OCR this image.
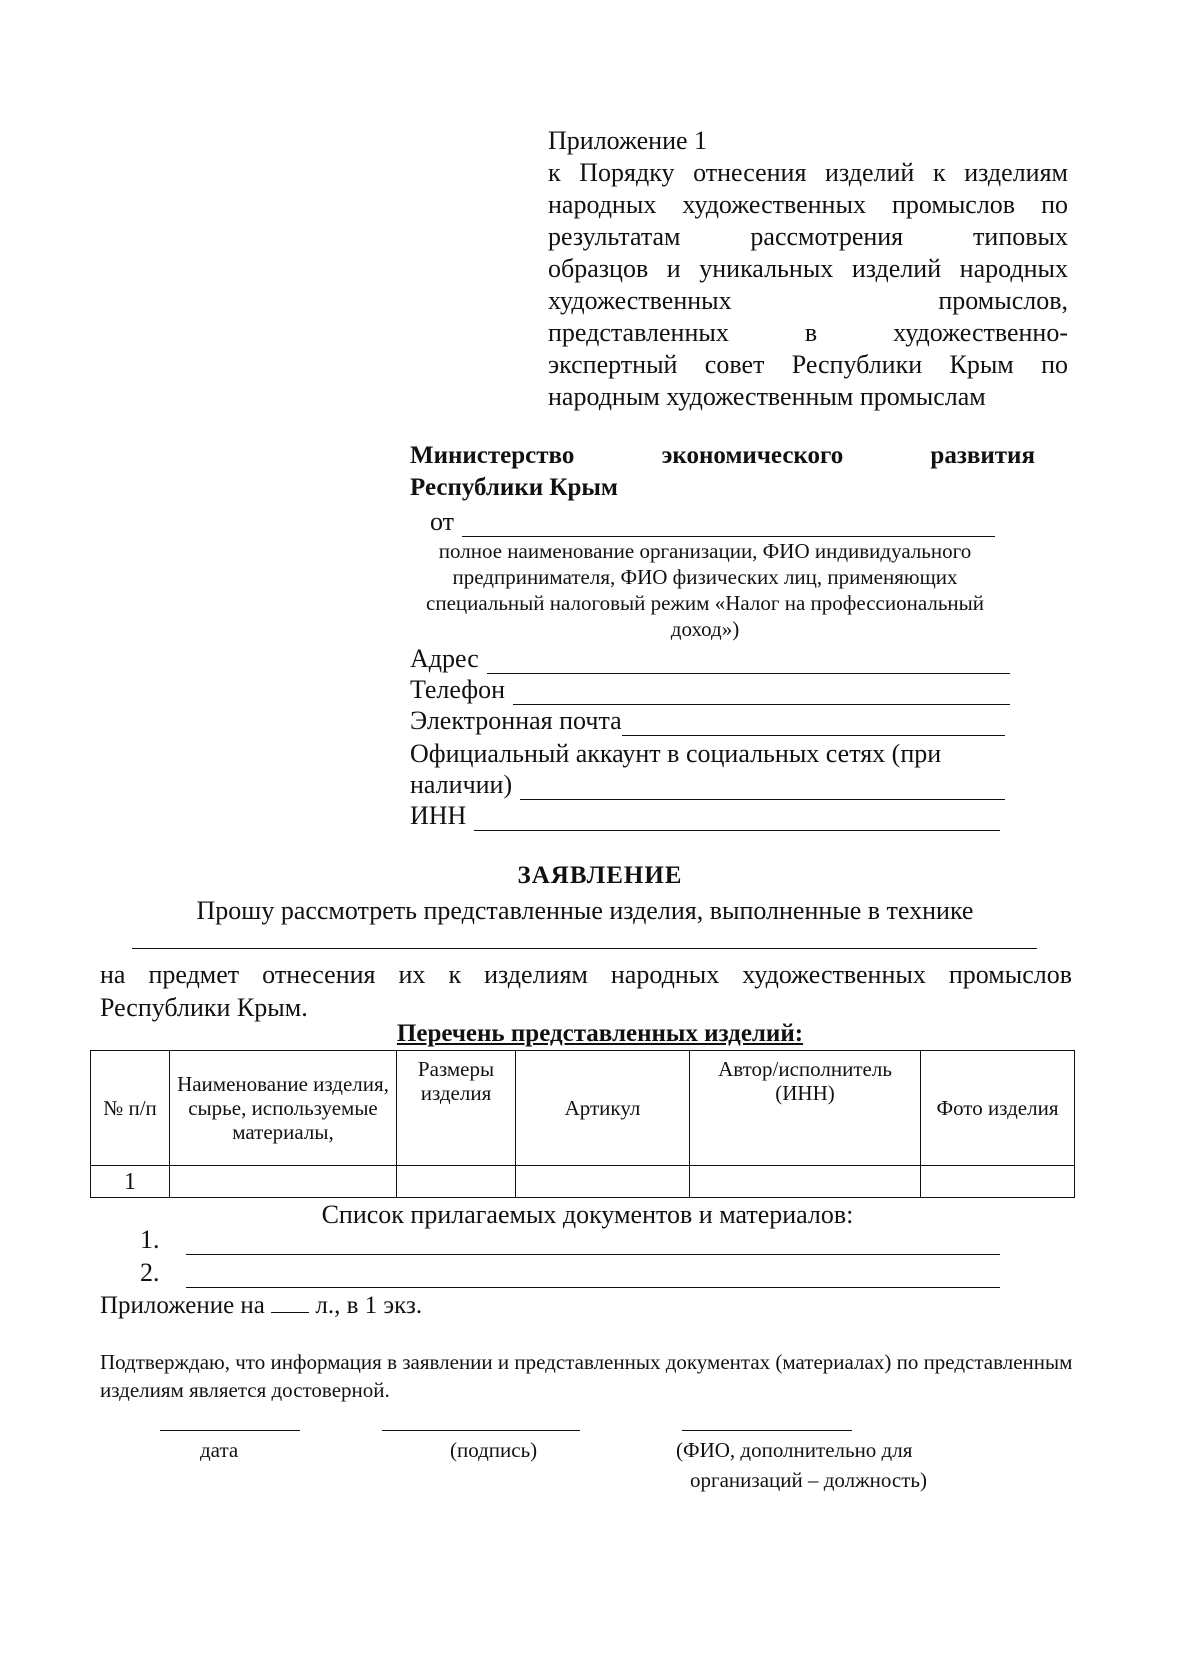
Приложение 1
к Порядку отнесения изделий к изделиям
народных художественных промыслов по
результатам рассмотрения типовых
образцов и уникальных изделий народных
художественных промыслов,
представленных в художественно-
экспертный совет Республики Крым по
народным художественным промыслам
Министерство экономического развития
Республики Крым
от
полное наименование организации, ФИО индивидуального предпринимателя, ФИО физических лиц, применяющих специальный налоговый режим «Налог на профессиональный доход»)
Адрес
Телефон
Электронная почта
Официальный аккаунт в социальных сетях (при
наличии)
ИНН
ЗАЯВЛЕНИЕ
Прошу рассмотреть представленные изделия, выполненные в технике
на предмет отнесения их к изделиям народных художественных промыслов
Республики Крым.
Перечень представленных изделий:
№ п/п	Наименование изделия, сырье, используемые материалы,	Размеры изделия	Артикул	Автор/исполнитель (ИНН)	Фото изделия
1					
Список прилагаемых документов и материалов:
1.
2.
Приложение на л., в 1 экз.
Подтверждаю, что информация в заявлении и представленных документах (материалах) по представленным изделиям является достоверной.
дата	(подпись)	(ФИО, дополнительно для
организаций – должность)
